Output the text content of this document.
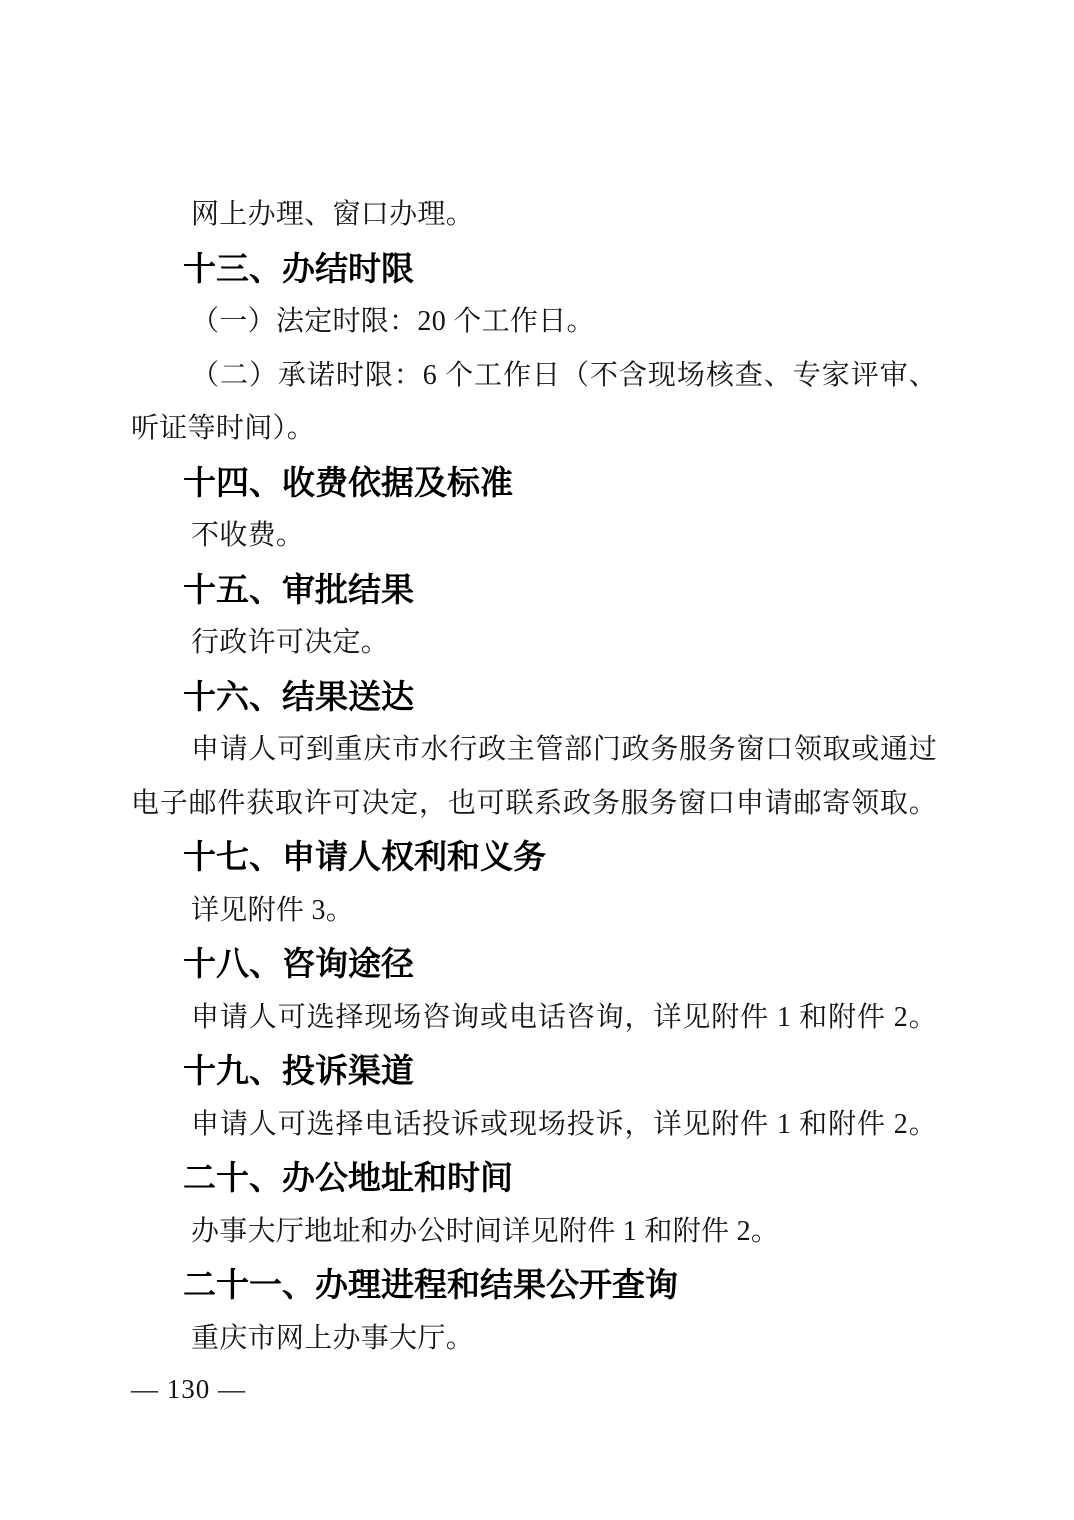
网上办理、窗口办理。
十三、办结时限
（一）法定时限：20 个工作日。
（二）承诺时限：6 个工作日（不含现场核查、专家评审、
听证等时间）。
十四、收费依据及标准
不收费。
十五、审批结果
行政许可决定。
十六、结果送达
申请人可到重庆市水行政主管部门政务服务窗口领取或通过
电子邮件获取许可决定，也可联系政务服务窗口申请邮寄领取。
十七、申请人权利和义务
详见附件 3。
十八、咨询途径
申请人可选择现场咨询或电话咨询，详见附件 1 和附件 2。
十九、投诉渠道
申请人可选择电话投诉或现场投诉，详见附件 1 和附件 2。
二十、办公地址和时间
办事大厅地址和办公时间详见附件 1 和附件 2。
二十一、办理进程和结果公开查询
重庆市网上办事大厅。
— 130 —
